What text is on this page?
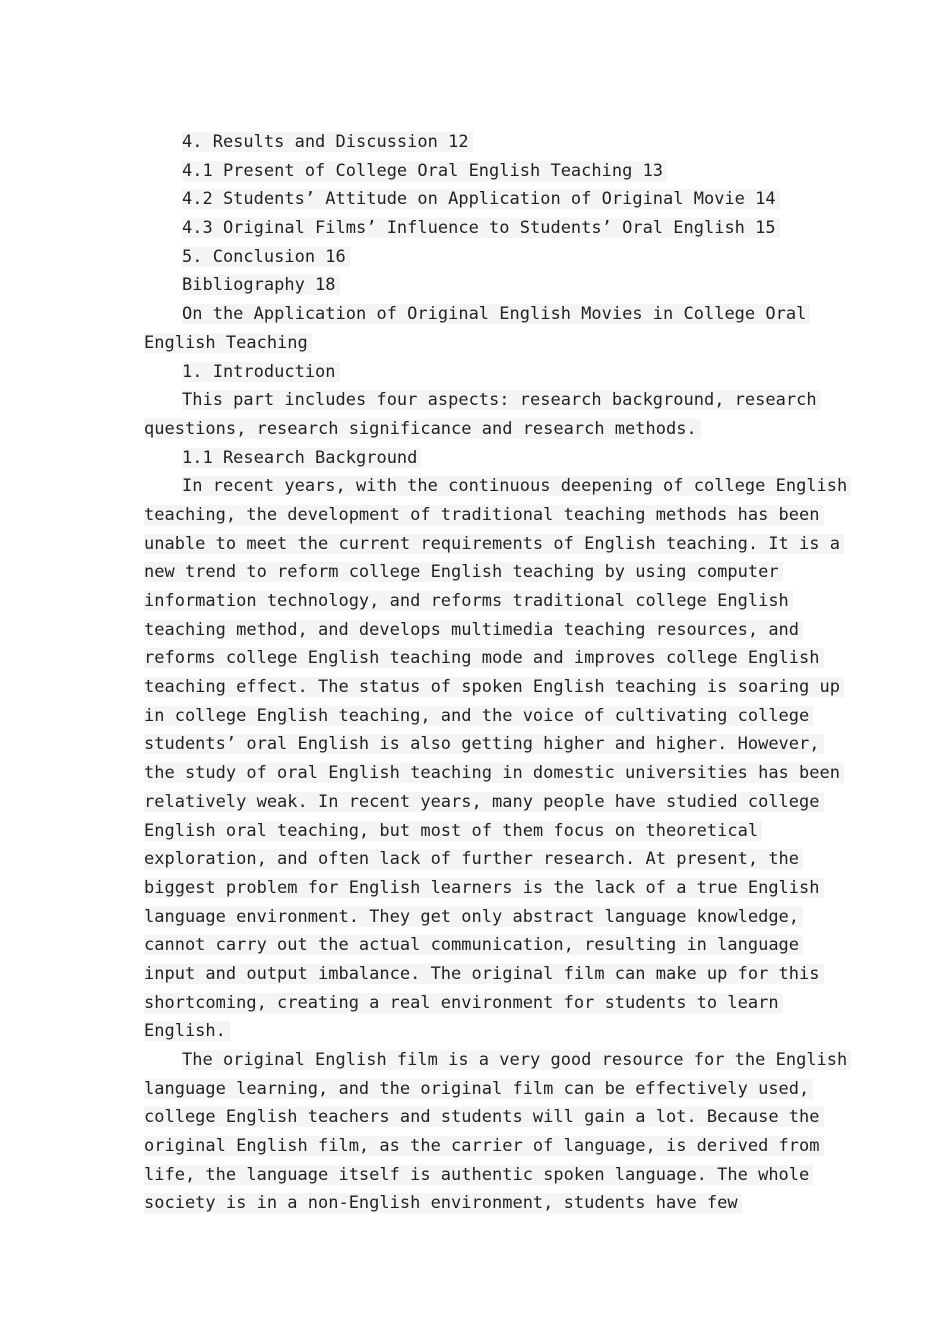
4. Results and Discussion 12
4.1 Present of College Oral English Teaching 13
4.2 Students’ Attitude on Application of Original Movie 14
4.3 Original Films’ Influence to Students’ Oral English 15
5. Conclusion 16
Bibliography 18
On the Application of Original English Movies in College Oral
English Teaching
1. Introduction
This part includes four aspects: research background, research
questions, research significance and research methods.
1.1 Research Background
In recent years, with the continuous deepening of college English
teaching, the development of traditional teaching methods has been
unable to meet the current requirements of English teaching. It is a
new trend to reform college English teaching by using computer
information technology, and reforms traditional college English
teaching method, and develops multimedia teaching resources, and
reforms college English teaching mode and improves college English
teaching effect. The status of spoken English teaching is soaring up
in college English teaching, and the voice of cultivating college
students’ oral English is also getting higher and higher. However,
the study of oral English teaching in domestic universities has been
relatively weak. In recent years, many people have studied college
English oral teaching, but most of them focus on theoretical
exploration, and often lack of further research. At present, the
biggest problem for English learners is the lack of a true English
language environment. They get only abstract language knowledge,
cannot carry out the actual communication, resulting in language
input and output imbalance. The original film can make up for this
shortcoming, creating a real environment for students to learn
English.
The original English film is a very good resource for the English
language learning, and the original film can be effectively used,
college English teachers and students will gain a lot. Because the
original English film, as the carrier of language, is derived from
life, the language itself is authentic spoken language. The whole
society is in a non-English environment, students have few
